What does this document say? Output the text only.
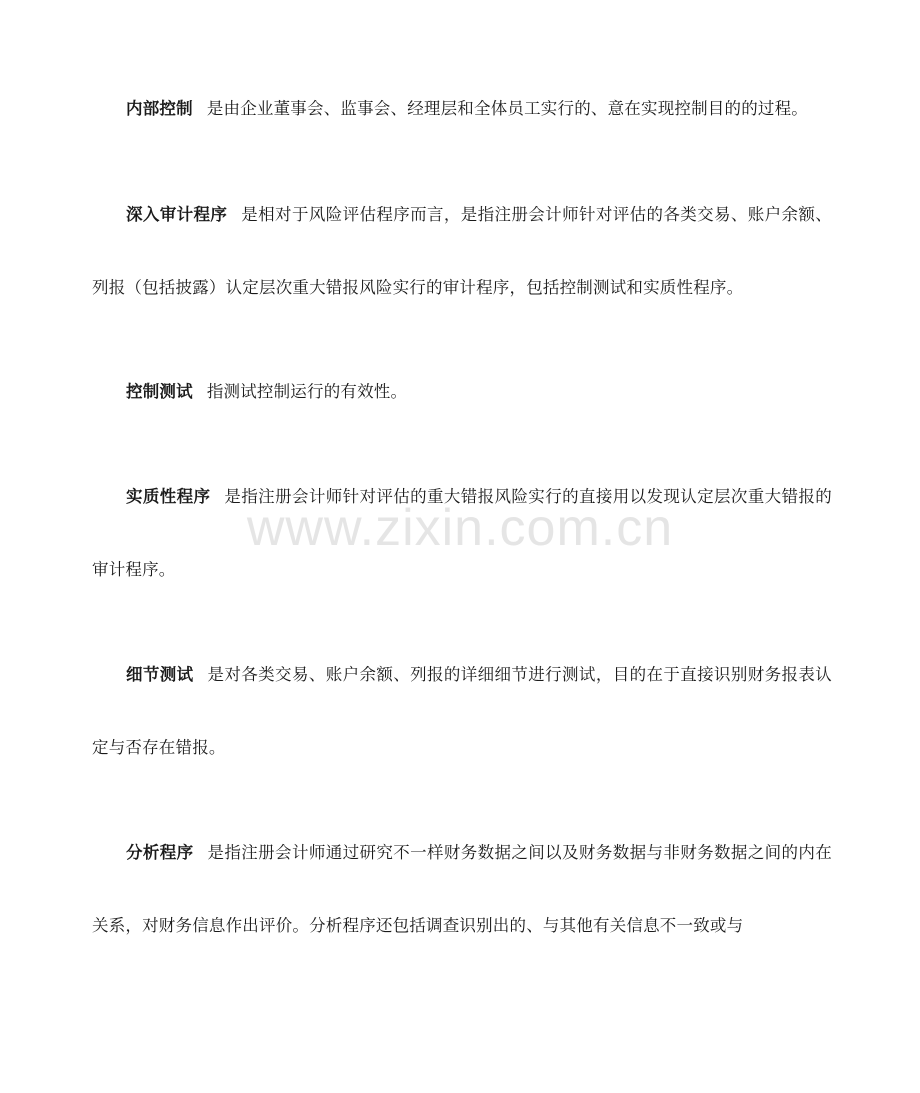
内部控制 是由企业董事会、监事会、经理层和全体员工实行的、意在实现控制目的的过程。

深入审计程序 是相对于风险评估程序而言，是指注册会计师针对评估的各类交易、账户余额、列报（包括披露）认定层次重大错报风险实行的审计程序，包括控制测试和实质性程序。

控制测试 指测试控制运行的有效性。

实质性程序 是指注册会计师针对评估的重大错报风险实行的直接用以发现认定层次重大错报的审计程序。

细节测试 是对各类交易、账户余额、列报的详细细节进行测试，目的在于直接识别财务报表认定与否存在错报。

分析程序 是指注册会计师通过研究不一样财务数据之间以及财务数据与非财务数据之间的内在关系，对财务信息作出评价。分析程序还包括调查识别出的、与其他有关信息不一致或与

www.zixin.com.cn
